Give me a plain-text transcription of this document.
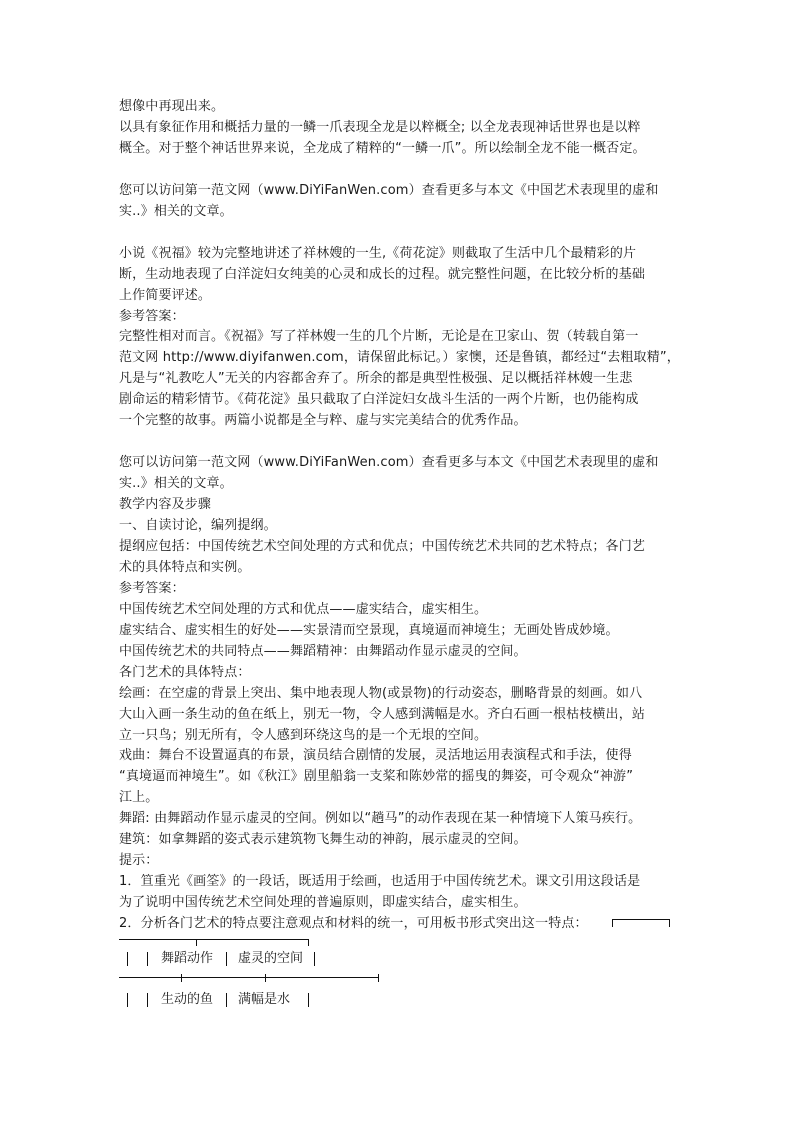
想像中再现出来。
以具有象征作用和概括力量的一鳞一爪表现全龙是以粹概全; 以全龙表现神话世界也是以粹
概全。对于整个神话世界来说，全龙成了精粹的“一鳞一爪”。所以绘制全龙不能一概否定。
您可以访问第一范文网（www.DiYiFanWen.com）查看更多与本文《中国艺术表现里的虚和
实..》相关的文章。
小说《祝福》较为完整地讲述了祥林嫂的一生,《荷花淀》则截取了生活中几个最精彩的片
断，生动地表现了白洋淀妇女纯美的心灵和成长的过程。就完整性问题，在比较分析的基础
上作简要评述。
参考答案：
完整性相对而言。《祝福》写了祥林嫂一生的几个片断，无论是在卫家山、贺（转载自第一
范文网 http://www.diyifanwen.com，请保留此标记。）家懊，还是鲁镇，都经过“去粗取精”，
凡是与“礼教吃人”无关的内容都舍弃了。所余的都是典型性极强、足以概括祥林嫂一生悲
剧命运的精彩情节。《荷花淀》虽只截取了白洋淀妇女战斗生活的一两个片断，也仍能构成
一个完整的故事。两篇小说都是全与粹、虚与实完美结合的优秀作品。
您可以访问第一范文网（www.DiYiFanWen.com）查看更多与本文《中国艺术表现里的虚和
实..》相关的文章。
教学内容及步骤
一、自读讨论，编列提纲。
提纲应包括：中国传统艺术空间处理的方式和优点；中国传统艺术共同的艺术特点；各门艺
术的具体特点和实例。
参考答案：
中国传统艺术空间处理的方式和优点——虚实结合，虚实相生。
虚实结合、虚实相生的好处——实景清而空景现，真境逼而神境生；无画处皆成妙境。
中国传统艺术的共同特点——舞蹈精神：由舞蹈动作显示虚灵的空间。
各门艺术的具体特点：
绘画：在空虚的背景上突出、集中地表现人物(或景物)的行动姿态，删略背景的刻画。如八
大山入画一条生动的鱼在纸上，别无一物，令人感到满幅是水。齐白石画一根枯枝横出，站
立一只鸟；别无所有，令人感到环绕这鸟的是一个无垠的空间。
戏曲：舞台不设置逼真的布景，演员结合剧情的发展，灵活地运用表演程式和手法，使得
“真境逼而神境生”。如《秋江》剧里船翁一支桨和陈妙常的摇曳的舞姿，可令观众“神游”
江上。
舞蹈: 由舞蹈动作显示虚灵的空间。例如以“趟马”的动作表现在某一种情境下人策马疾行。
建筑：如拿舞蹈的姿式表示建筑物飞舞生动的神韵，展示虚灵的空间。
提示：
1．笪重光《画筌》的一段话，既适用于绘画，也适用于中国传统艺术。课文引用这段话是
为了说明中国传统艺术空间处理的普遍原则，即虚实结合，虚实相生。
2．分析各门艺术的特点要注意观点和材料的统一，可用板书形式突出这一特点：
舞蹈动作 虚灵的空间
生动的鱼 满幅是水
